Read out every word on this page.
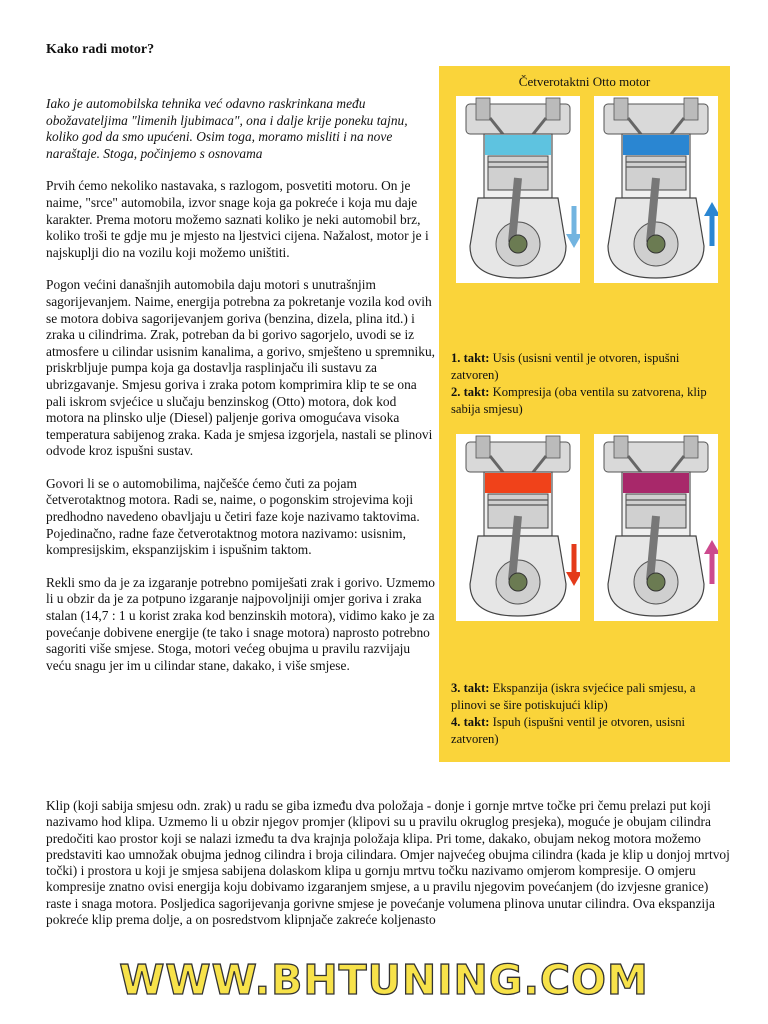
Kako radi motor?

Iako je automobilska tehnika već odavno raskrinkana među obožavateljima "limenih ljubimaca", ona i dalje krije poneku tajnu, koliko god da smo upućeni. Osim toga, moramo misliti i na nove naraštaje. Stoga, počinjemo s osnovama

Prvih ćemo nekoliko nastavaka, s razlogom, posvetiti motoru. On je naime, "srce" automobila, izvor snage koja ga pokreće i koja mu daje karakter. Prema motoru možemo saznati koliko je neki automobil brz, koliko troši te gdje mu je mjesto na ljestvici cijena. Nažalost, motor je i najskuplji dio na vozilu koji možemo uništiti.

Pogon većini današnjih automobila daju motori s unutrašnjim sagorijevanjem. Naime, energija potrebna za pokretanje vozila kod ovih se motora dobiva sagorijevanjem goriva (benzina, dizela, plina itd.) i zraka u cilindrima. Zrak, potreban da bi gorivo sagorjelo, uvodi se iz atmosfere u cilindar usisnim kanalima, a gorivo, smješteno u spremniku, priskrbljuje pumpa koja ga dostavlja rasplinjaču ili sustavu za ubrizgavanje. Smjesu goriva i zraka potom komprimira klip te se ona pali iskrom svjećice u slučaju benzinskog (Otto) motora, dok kod motora na plinsko ulje (Diesel) paljenje goriva omogućava visoka temperatura sabijenog zraka. Kada je smjesa izgorjela, nastali se plinovi odvode kroz ispušni sustav.

Govori li se o automobilima, najčešće ćemo čuti za pojam četverotaktnog motora. Radi se, naime, o pogonskim strojevima koji predhodno navedeno obavljaju u četiri faze koje nazivamo taktovima. Pojedinačno, radne faze četverotaktnog motora nazivamo: usisnim, kompresijskim, ekspanzijskim i ispušnim taktom.

Rekli smo da je za izgaranje potrebno pomiješati zrak i gorivo. Uzmemo li u obzir da je za potpuno izgaranje najpovoljniji omjer goriva i zraka stalan (14,7 : 1 u korist zraka kod benzinskih motora), vidimo kako je za povećanje dobivene energije (te tako i snage motora) naprosto potrebno sagoriti više smjese. Stoga, motori većeg obujma u pravilu razvijaju veću snagu jer im u cilindar stane, dakako, i više smjese.

Četverotaktni Otto motor
1. takt: Usis (usisni ventil je otvoren, ispušni zatvoren)
2. takt: Kompresija (oba ventila su zatvorena, klip sabija smjesu)
3. takt: Ekspanzija (iskra svjećice pali smjesu, a plinovi se šire potiskujući klip)
4. takt: Ispuh (ispušni ventil je otvoren, usisni zatvoren)
Klip (koji sabija smjesu odn. zrak) u radu se giba između dva položaja - donje i gornje mrtve točke pri čemu prelazi put koji nazivamo hod klipa. Uzmemo li u obzir njegov promjer (klipovi su u pravilu okruglog presjeka), moguće je obujam cilindra predočiti kao prostor koji se nalazi između ta dva krajnja položaja klipa. Pri tome, dakako, obujam nekog motora možemo predstaviti kao umnožak obujma jednog cilindra i broja cilindara. Omjer najvećeg obujma cilindra (kada je klip u donjoj mrtvoj točki) i prostora u koji je smjesa sabijena dolaskom klipa u gornju mrtvu točku nazivamo omjerom kompresije. O omjeru kompresije znatno ovisi energija koju dobivamo izgaranjem smjese, a u pravilu njegovim povećanjem (do izvjesne granice) raste i snaga motora. Posljedica sagorijevanja gorivne smjese je povećanje volumena plinova unutar cilindra. Ova ekspanzija pokreće klip prema dolje, a on posredstvom klipnjače zakreće koljenasto
WWW.BHTUNING.COM
